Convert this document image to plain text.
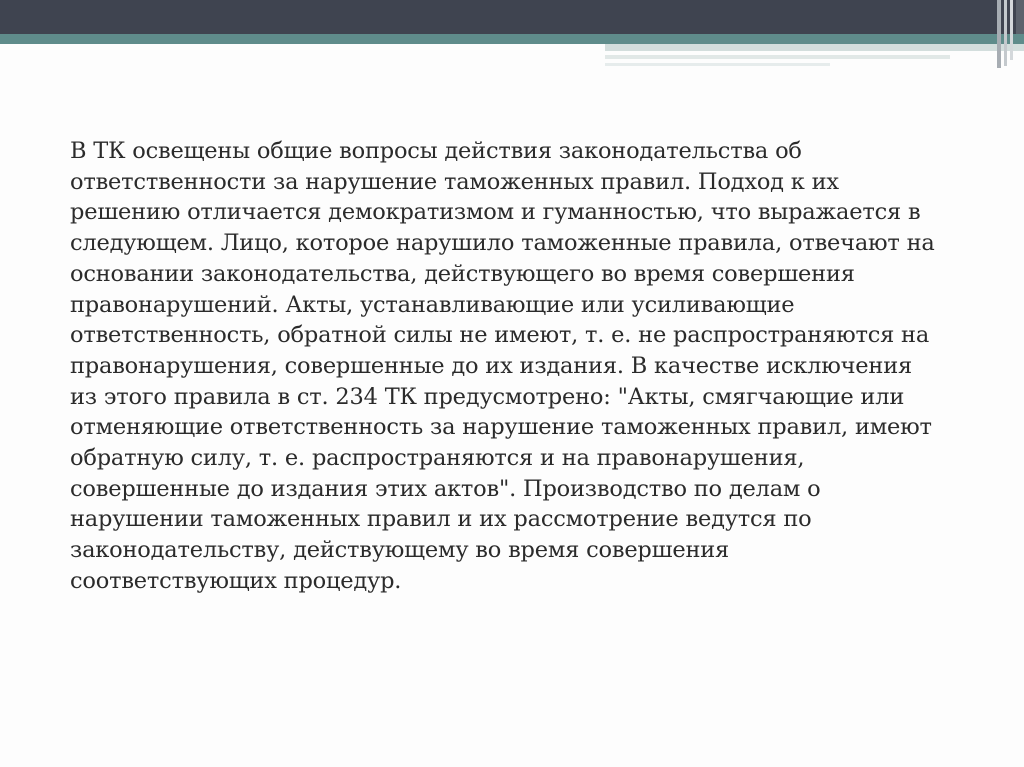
В ТК освещены общие вопросы действия законодательства об
ответственности за нарушение таможенных правил. Подход к их
решению отличается демократизмом и гуманностью, что выражается в
следующем. Лицо, которое нарушило таможенные правила, отвечают на
основании законодательства, действующего во время совершения
правонарушений. Акты, устанавливающие или усиливающие
ответственность, обратной силы не имеют, т. е. не распространяются на
правонарушения, совершенные до их издания. В качестве исключения
из этого правила в ст. 234 ТК предусмотрено: "Акты, смягчающие или
отменяющие ответственность за нарушение таможенных правил, имеют
обратную силу, т. е. распространяются и на правонарушения,
совершенные до издания этих актов". Производство по делам о
нарушении таможенных правил и их рассмотрение ведутся по
законодательству, действующему во время совершения
соответствующих процедур.
